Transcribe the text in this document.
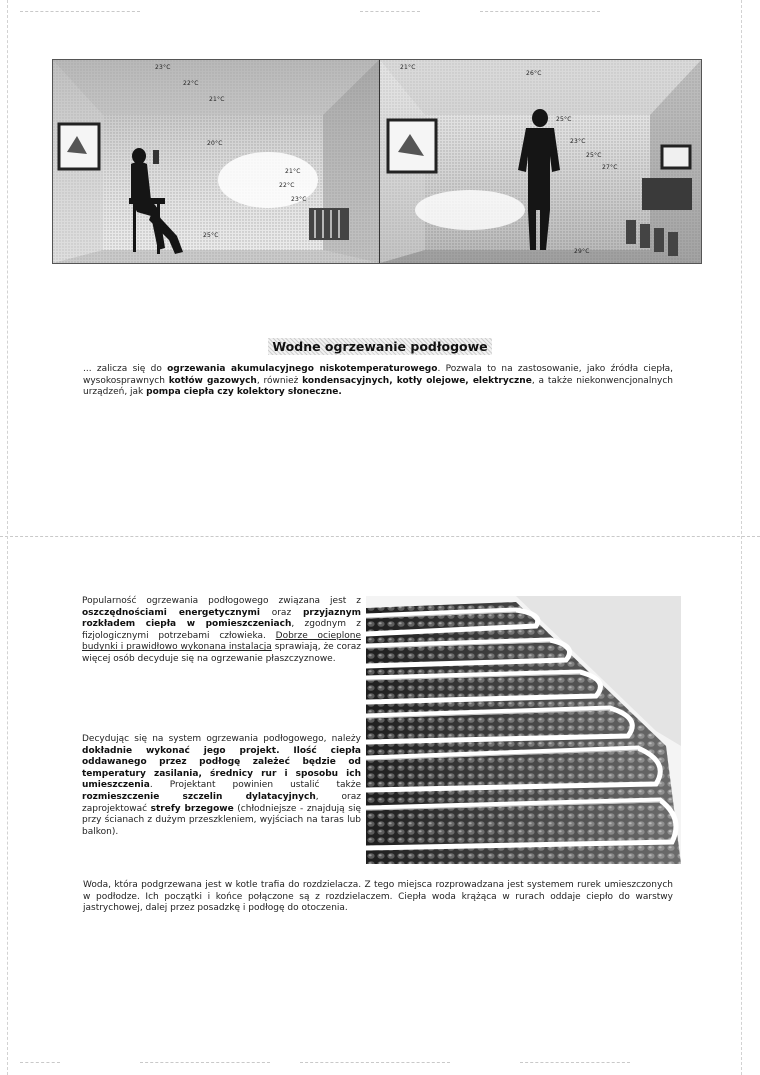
23°C
22°C
21°C
20°C
21°C
22°C
23°C
25°C
21°C
26°C
25°C
23°C
25°C
27°C
29°C
Wodne ogrzewanie podłogowe
... zalicza się do ogrzewania akumulacyjnego niskotemperaturowego. Pozwala to na zastosowanie, jako źródła ciepła, wysokosprawnych kotłów gazowych, również kondensacyjnych, kotły olejowe, elektryczne, a także niekonwencjonalnych urządzeń, jak pompa ciepła czy kolektory słoneczne.
Popularność ogrzewania podłogowego związana jest z oszczędnościami energetycznymi oraz przyjaznym rozkładem ciepła w pomieszczeniach, zgodnym z fizjologicznymi potrzebami człowieka. Dobrze ocieplone budynki i prawidłowo wykonana instalacja sprawiają, że coraz więcej osób decyduje się na ogrzewanie płaszczyznowe.
Decydując się na system ogrzewania podłogowego, należy dokładnie wykonać jego projekt. Ilość ciepła oddawanego przez podłogę zależeć będzie od temperatury zasilania, średnicy rur i sposobu ich umieszczenia. Projektant powinien ustalić także rozmieszczenie szczelin dylatacyjnych, oraz zaprojektować strefy brzegowe (chłodniejsze - znajdują się przy ścianach z dużym przeszkleniem, wyjściach na taras lub balkon).
Woda, która podgrzewana jest w kotle trafia do rozdzielacza. Z tego miejsca rozprowadzana jest systemem rurek umieszczonych w podłodze. Ich początki i końce połączone są z rozdzielaczem. Ciepła woda krążąca w rurach oddaje ciepło do warstwy jastrychowej, dalej przez posadzkę i podłogę do otoczenia.
